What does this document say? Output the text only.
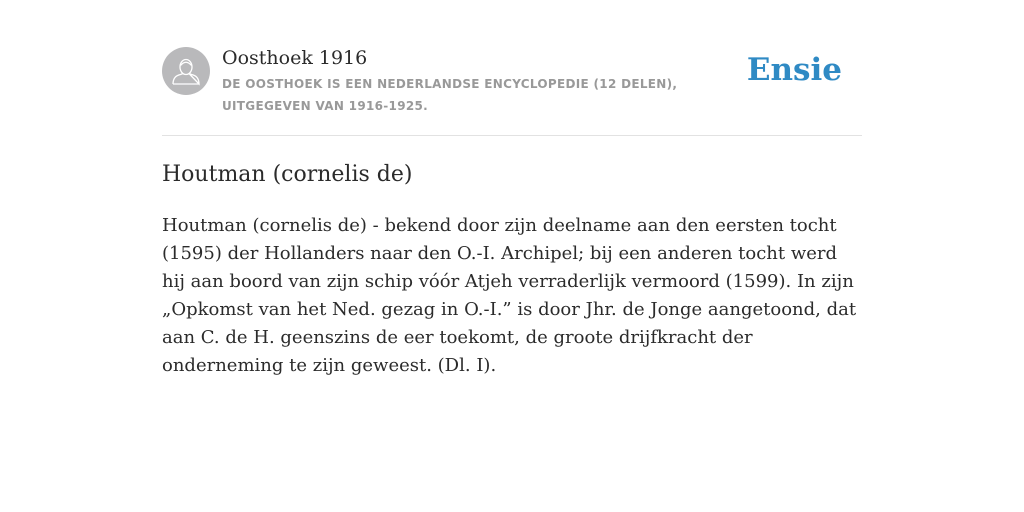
Oosthoek 1916

DE OOSTHOEK IS EEN NEDERLANDSE ENCYCLOPEDIE (12 DELEN), UITGEGEVEN VAN 1916-1925.

Ensie
Houtman (cornelis de)

Houtman (cornelis de) - bekend door zijn deelname aan den eersten tocht (1595) der Hollanders naar den O.-I. Archipel; bij een anderen tocht werd hij aan boord van zijn schip vóór Atjeh verraderlijk vermoord (1599). In zijn „Opkomst van het Ned. gezag in O.-I.” is door Jhr. de Jonge aangetoond, dat aan C. de H. geenszins de eer toekomt, de groote drijfkracht der onderneming te zijn geweest. (Dl. I).
